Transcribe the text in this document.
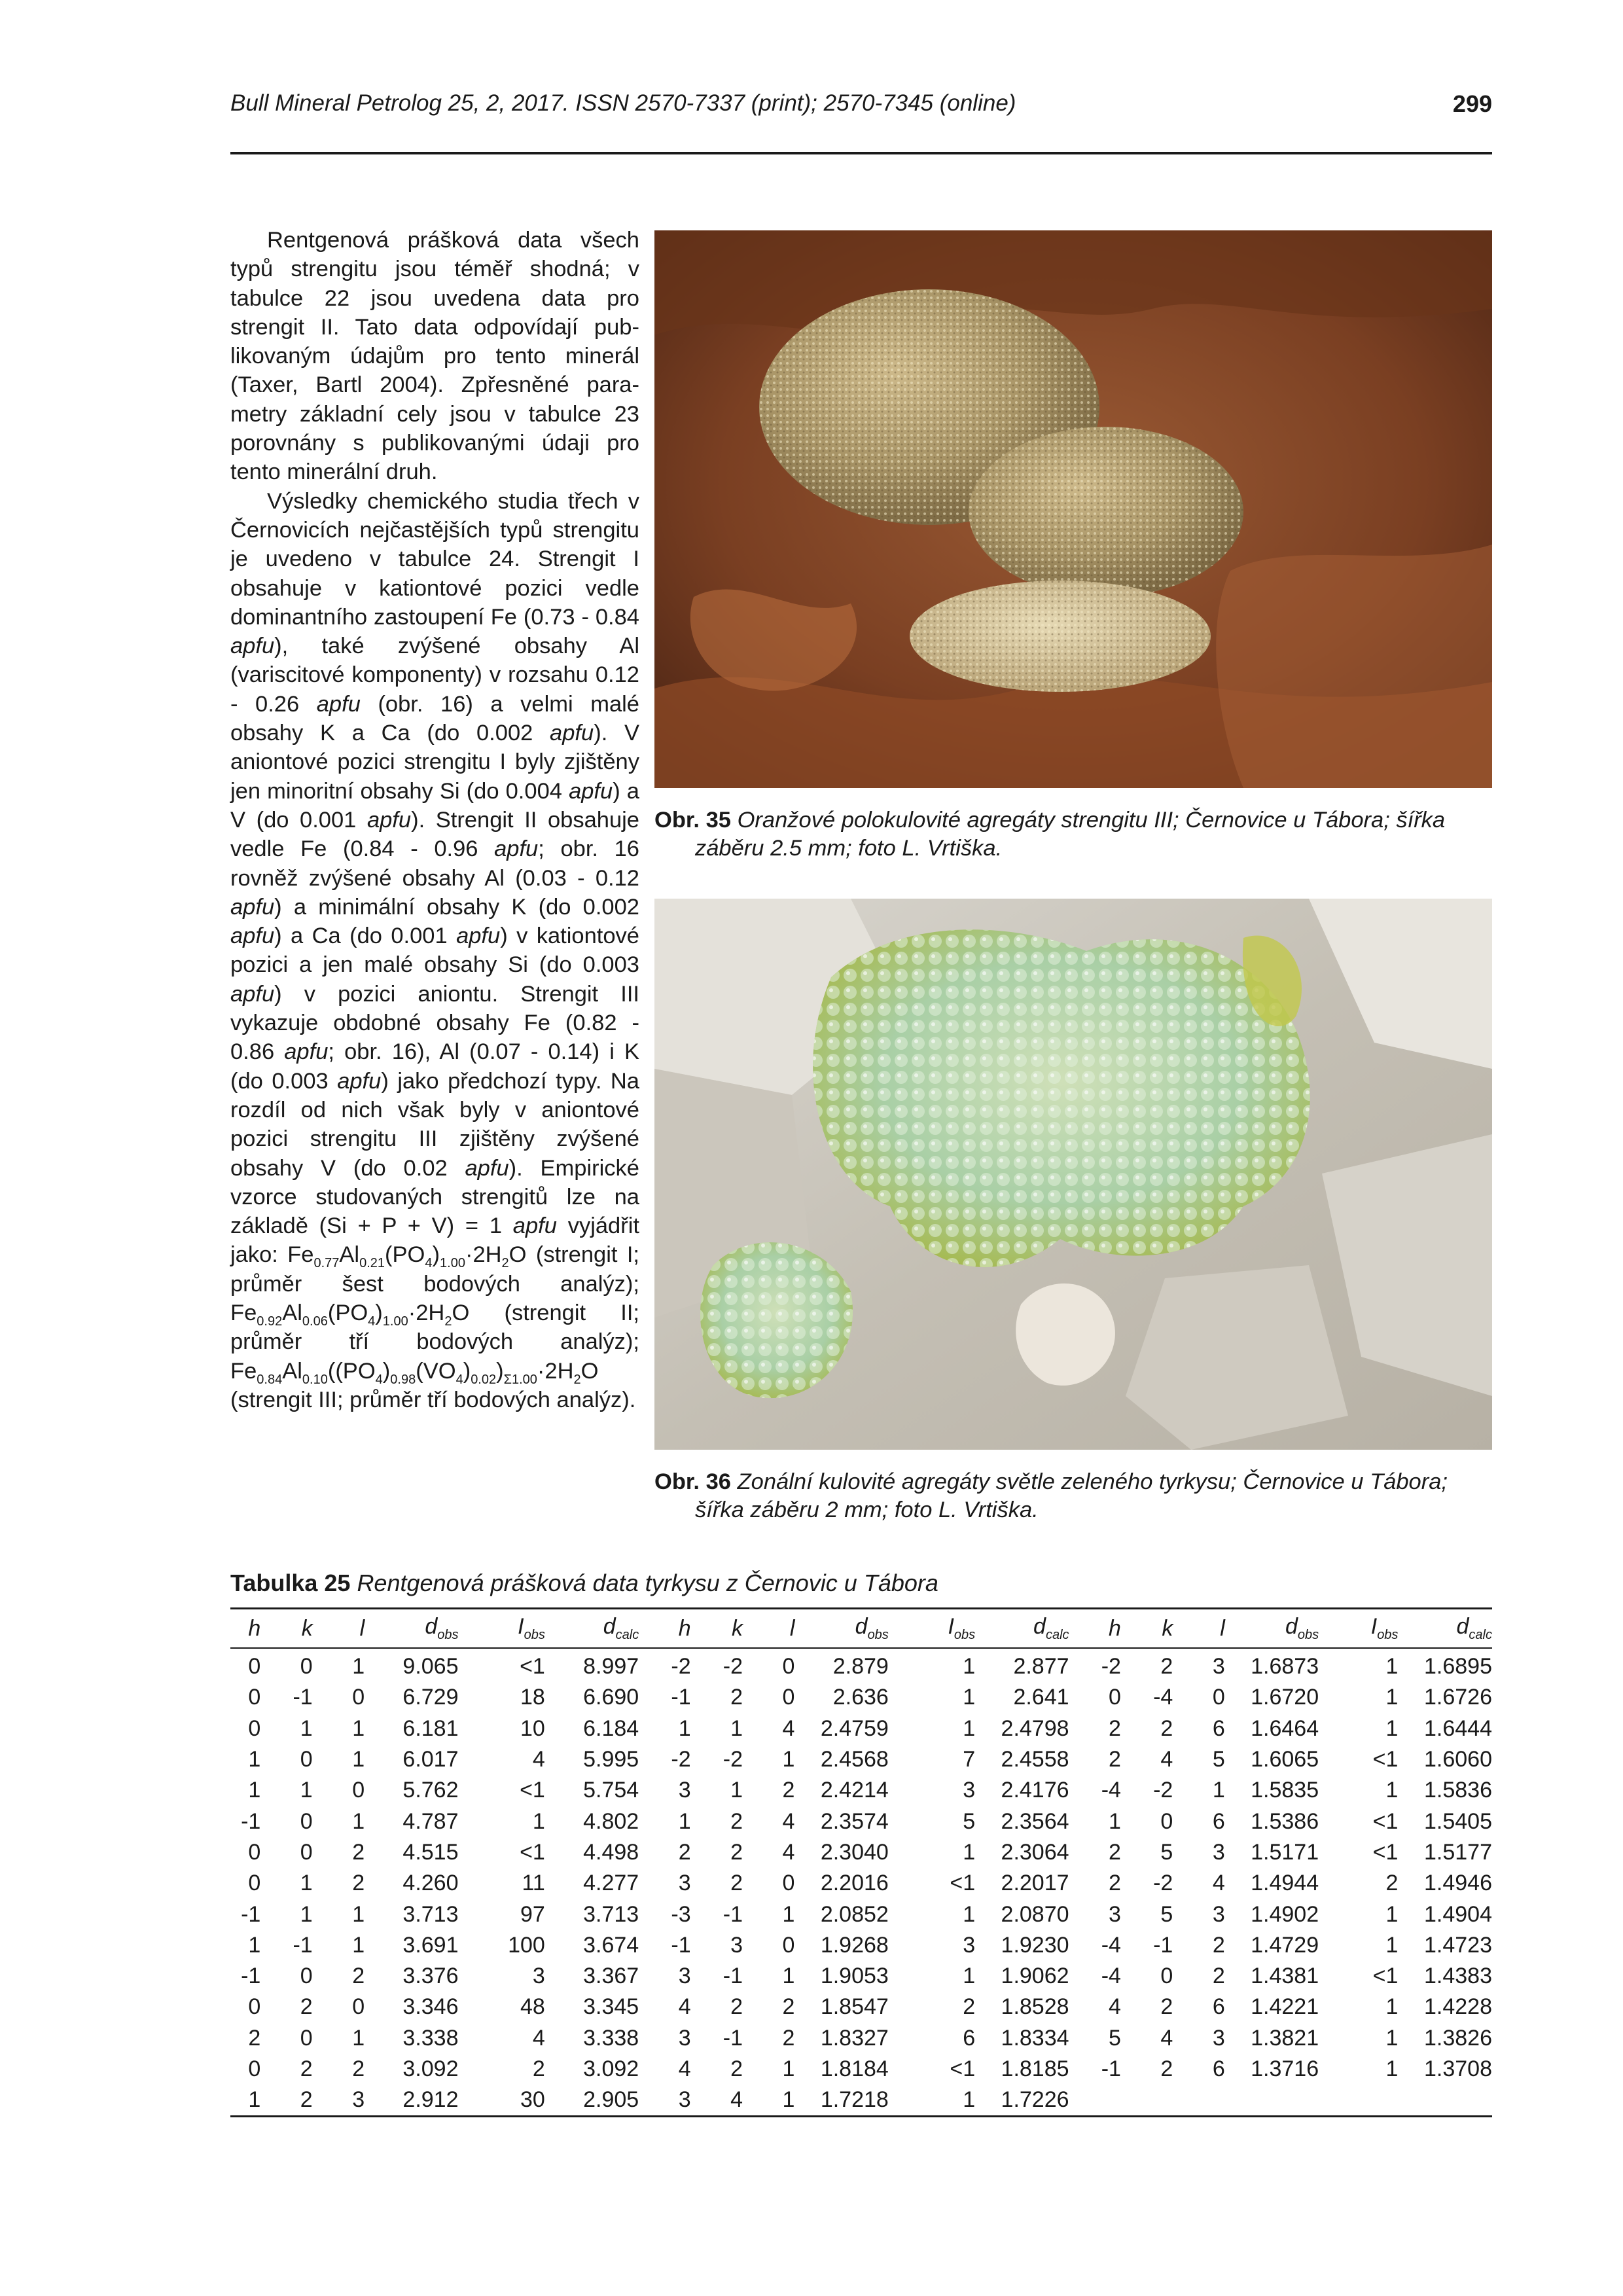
Bull Mineral Petrolog 25, 2, 2017. ISSN 2570-7337 (print); 2570-7345 (online)	299

Rentgenová prášková data všech typů strengitu jsou téměř shodná; v tabulce 22 jsou uvedena data pro strengit II. Tato data odpovídají publikovaným údajům pro tento minerál (Taxer, Bartl 2004). Zpřesněné parametry základní cely jsou v tabulce 23 porovnány s publikovanými údaji pro tento minerální druh.

Výsledky chemického studia třech v Černovicích nejčastějších typů strengitu je uvedeno v tabulce 24. Strengit I obsahuje v kationtové pozici vedle dominantního zastoupení Fe (0.73 - 0.84 apfu), také zvýšené obsahy Al (variscitové komponenty) v rozsahu 0.12 - 0.26 apfu (obr. 16) a velmi malé obsahy K a Ca (do 0.002 apfu). V aniontové pozici strengitu I byly zjištěny jen minoritní obsahy Si (do 0.004 apfu) a V (do 0.001 apfu). Strengit II obsahuje vedle Fe (0.84 - 0.96 apfu; obr. 16 rovněž zvýšené obsahy Al (0.03 - 0.12 apfu) a minimální obsahy K (do 0.002 apfu) a Ca (do 0.001 apfu) v kationtové pozici a jen malé obsahy Si (do 0.003 apfu) v pozici aniontu. Strengit III vykazuje obdobné obsahy Fe (0.82 - 0.86 apfu; obr. 16), Al (0.07 - 0.14) i K (do 0.003 apfu) jako předchozí typy. Na rozdíl od nich však byly v aniontové pozici strengitu III zjištěny zvýšené obsahy V (do 0.02 apfu). Empirické vzorce studovaných strengitů lze na základě (Si + P + V) = 1 apfu vyjádřit jako: $Fe_{0.77}Al_{0.21}(PO_4)_{1.00}\cdot 2H_2O$ (strengit I; průměr šest bodových analýz); $Fe_{0.92}Al_{0.06}(PO_4)_{1.00}\cdot 2H_2O$ (strengit II; průměr tří bodových analýz); $Fe_{0.84}Al_{0.10}((PO_4)_{0.98}(VO_4)_{0.02})_{\Sigma 1.00}\cdot 2H_2O$ (strengit III; průměr tří bodových analýz).

Obr. 35 Oranžové polokulovité agregáty strengitu III; Černovice u Tábora; šířka záběru 2.5 mm; foto L. Vrtiška.
Obr. 36 Zonální kulovité agregáty světle zeleného tyrkysu; Černovice u Tábora; šířka záběru 2 mm; foto L. Vrtiška.
Tabulka 25 Rentgenová prášková data tyrkysu z Černovic u Tábora
h	k	l	$d_{obs}$	$I_{obs}$	$d_{calc}$	h	k	l	$d_{obs}$	$I_{obs}$	$d_{calc}$	h	k	l	$d_{obs}$	$I_{obs}$	$d_{calc}$
0	0	1	9.065	<1	8.997	-2	-2	0	2.879	1	2.877	-2	2	3	1.6873	1	1.6895
0	-1	0	6.729	18	6.690	-1	2	0	2.636	1	2.641	0	-4	0	1.6720	1	1.6726
0	1	1	6.181	10	6.184	1	1	4	2.4759	1	2.4798	2	2	6	1.6464	1	1.6444
1	0	1	6.017	4	5.995	-2	-2	1	2.4568	7	2.4558	2	4	5	1.6065	<1	1.6060
1	1	0	5.762	<1	5.754	3	1	2	2.4214	3	2.4176	-4	-2	1	1.5835	1	1.5836
-1	0	1	4.787	1	4.802	1	2	4	2.3574	5	2.3564	1	0	6	1.5386	<1	1.5405
0	0	2	4.515	<1	4.498	2	2	4	2.3040	1	2.3064	2	5	3	1.5171	<1	1.5177
0	1	2	4.260	11	4.277	3	2	0	2.2016	<1	2.2017	2	-2	4	1.4944	2	1.4946
-1	1	1	3.713	97	3.713	-3	-1	1	2.0852	1	2.0870	3	5	3	1.4902	1	1.4904
1	-1	1	3.691	100	3.674	-1	3	0	1.9268	3	1.9230	-4	-1	2	1.4729	1	1.4723
-1	0	2	3.376	3	3.367	3	-1	1	1.9053	1	1.9062	-4	0	2	1.4381	<1	1.4383
0	2	0	3.346	48	3.345	4	2	2	1.8547	2	1.8528	4	2	6	1.4221	1	1.4228
2	0	1	3.338	4	3.338	3	-1	2	1.8327	6	1.8334	5	4	3	1.3821	1	1.3826
0	2	2	3.092	2	3.092	4	2	1	1.8184	<1	1.8185	-1	2	6	1.3716	1	1.3708
1	2	3	2.912	30	2.905	3	4	1	1.7218	1	1.7226						
